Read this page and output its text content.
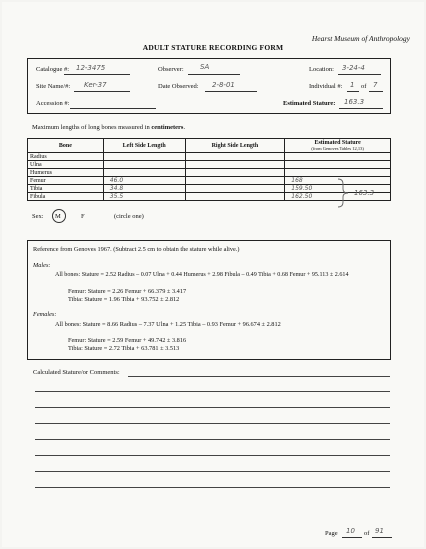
Hearst Museum of Anthropology
ADULT STATURE RECORDING FORM
Catalogue #: 12-3475	Observer: SA	Location: 3-24-4
Site Name/#: Ker-37	Date Observed: 2-8-01	Individual #: 1 of 7
Accession #:	Estimated Stature: 163.3
Maximum lengths of long bones measured in centimeters.
Bone	Left Side Length	Right Side Length	Estimated Stature
(from Genoves Tables 12,13)

Radius			
Ulna			
Humerus			
Femur	46.0		168
Tibia	34.8		159.50
Fibula	35.5		162.50	163.3
Sex: M	F	(circle one)
Reference from Genoves 1967. (Subtract 2.5 cm to obtain the stature while alive.)
Males:
All bones: Stature = 2.52 Radius – 0.07 Ulna + 0.44 Humerus + 2.98 Fibula – 0.49 Tibia + 0.68 Femur + 95.113 ± 2.614
Femur: Stature = 2.26 Femur + 66.379 ± 3.417
Tibia: Stature = 1.96 Tibia + 93.752 ± 2.812
Females:
All bones: Stature = 8.66 Radius – 7.37 Ulna + 1.25 Tibia – 0.93 Femur + 96.674 ± 2.812
Femur: Stature = 2.59 Femur + 49.742 ± 3.816
Tibia: Stature = 2.72 Tibia + 63.781 ± 3.513
Calculated Stature/or Comments:
Page 10 of 91
